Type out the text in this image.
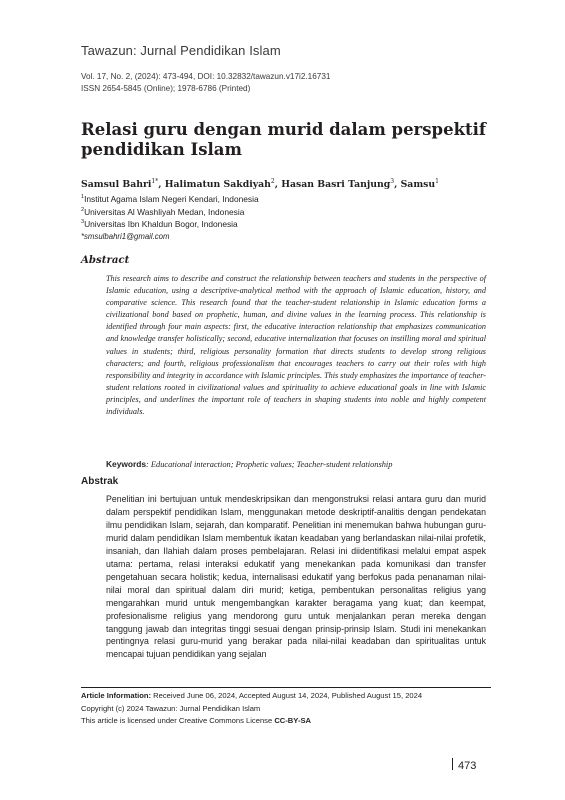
Tawazun: Jurnal Pendidikan Islam
Vol. 17, No. 2, (2024): 473-494, DOI: 10.32832/tawazun.v17i2.16731
ISSN 2654-5845 (Online); 1978-6786 (Printed)
Relasi guru dengan murid dalam perspektif pendidikan Islam
Samsul Bahri$^{1*}$, Halimatun Sakdiyah$^2$, Hasan Basri Tanjung$^3$, Samsu$^1$
$^1$Institut Agama Islam Negeri Kendari, Indonesia
$^2$Universitas Al Washliyah Medan, Indonesia
$^3$Universitas Ibn Khaldun Bogor, Indonesia
*smsulbahri1@gmail.com
Abstract
This research aims to describe and construct the relationship between teachers and students in the perspective of Islamic education, using a descriptive-analytical method with the approach of Islamic education, history, and comparative science. This research found that the teacher-student relationship in Islamic education forms a civilizational bond based on prophetic, human, and divine values in the learning process. This relationship is identified through four main aspects: first, the educative interaction relationship that emphasizes communication and knowledge transfer holistically; second, educative internalization that focuses on instilling moral and spiritual values in students; third, religious personality formation that directs students to develop strong religious characters; and fourth, religious professionalism that encourages teachers to carry out their roles with high responsibility and integrity in accordance with Islamic principles. This study emphasizes the importance of teacher-student relations rooted in civilizational values and spirituality to achieve educational goals in line with Islamic principles, and underlines the important role of teachers in shaping students into noble and highly competent individuals.
Keywords: Educational interaction; Prophetic values; Teacher-student relationship
Abstrak
Penelitian ini bertujuan untuk mendeskripsikan dan mengonstruksi relasi antara guru dan murid dalam perspektif pendidikan Islam, menggunakan metode deskriptif-analitis dengan pendekatan ilmu pendidikan Islam, sejarah, dan komparatif. Penelitian ini menemukan bahwa hubungan guru-murid dalam pendidikan Islam membentuk ikatan keadaban yang berlandaskan nilai-nilai profetik, insaniah, dan Ilahiah dalam proses pembelajaran. Relasi ini diidentifikasi melalui empat aspek utama: pertama, relasi interaksi edukatif yang menekankan pada komunikasi dan transfer pengetahuan secara holistik; kedua, internalisasi edukatif yang berfokus pada penanaman nilai-nilai moral dan spiritual dalam diri murid; ketiga, pembentukan personalitas religius yang mengarahkan murid untuk mengembangkan karakter beragama yang kuat; dan keempat, profesionalisme religius yang mendorong guru untuk menjalankan peran mereka dengan tanggung jawab dan integritas tinggi sesuai dengan prinsip-prinsip Islam. Studi ini menekankan pentingnya relasi guru-murid yang berakar pada nilai-nilai keadaban dan spiritualitas untuk mencapai tujuan pendidikan yang sejalan
Article Information: Received June 06, 2024, Accepted August 14, 2024, Published August 15, 2024
Copyright (c) 2024 Tawazun: Jurnal Pendidikan Islam
This article is licensed under Creative Commons License CC-BY-SA
473
